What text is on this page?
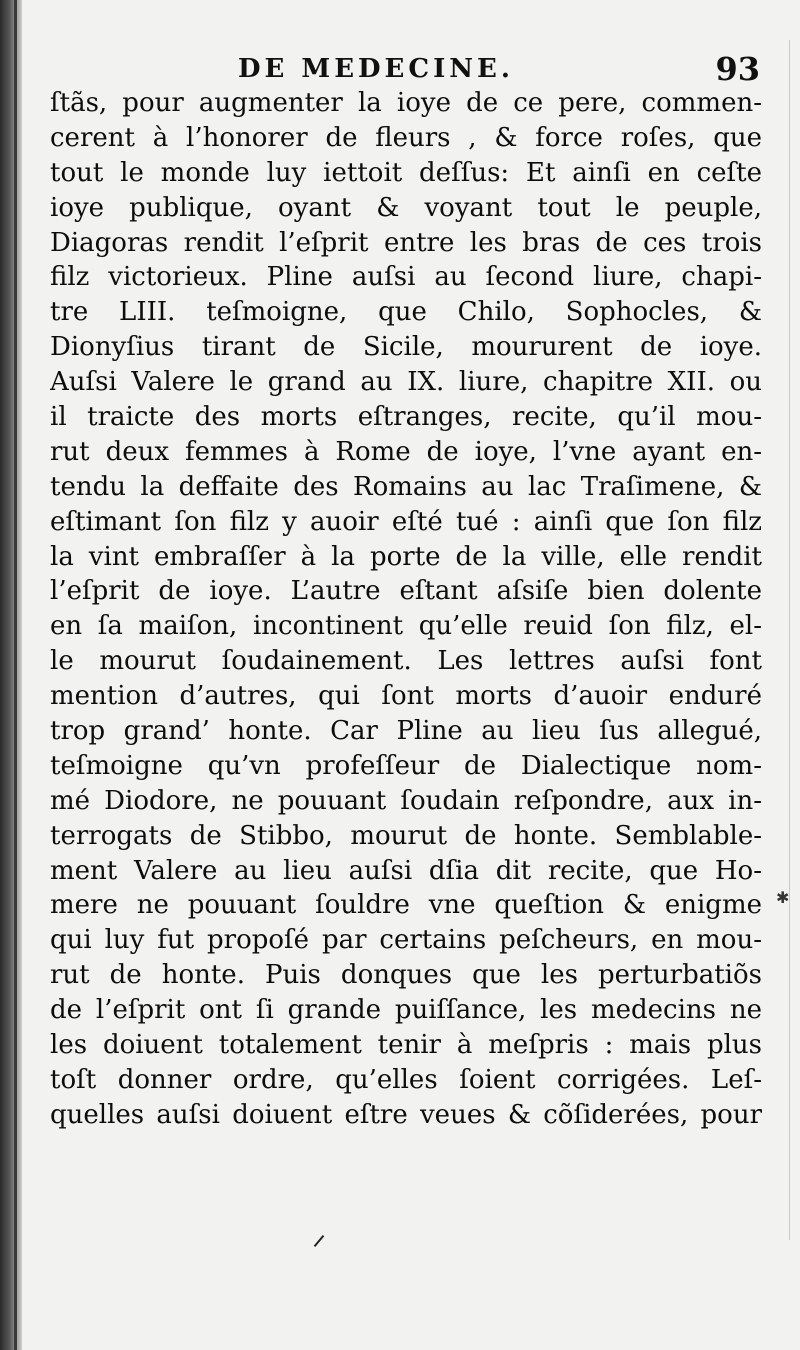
DE MEDECINE.	93
ſtãs, pour augmenter la ioye de ce pere, commen-
cerent à l’honorer de fleurs , & force roſes, que
tout le monde luy iettoit deſſus: Et ainſi en ceſte
ioye publique, oyant & voyant tout le peuple,
Diagoras rendit l’eſprit entre les bras de ces trois
filz victorieux. Pline auſsi au ſecond liure, chapi-
tre LIII. teſmoigne, que Chilo, Sophocles, &
Dionyſius tirant de Sicile, moururent de ioye.
Auſsi Valere le grand au IX. liure, chapitre XII. ou
il traicte des morts eſtranges, recite, qu’il mou-
rut deux femmes à Rome de ioye, l’vne ayant en-
tendu la deffaite des Romains au lac Traſimene, &
eſtimant ſon filz y auoir eſté tué : ainſi que ſon filz
la vint embraſſer à la porte de la ville, elle rendit
l’eſprit de ioye. L’autre eſtant aſsiſe bien dolente
en ſa maiſon, incontinent qu’elle reuid ſon filz, el-
le mourut ſoudainement. Les lettres auſsi font
mention d’autres, qui ſont morts d’auoir enduré
trop grand’ honte. Car Pline au lieu ſus allegué,
teſmoigne qu’vn profeſſeur de Dialectique nom-
mé Diodore, ne pouuant ſoudain reſpondre, aux in-
terrogats de Stibbo, mourut de honte. Semblable-
ment Valere au lieu auſsi dſia dit recite, que Ho-
mere ne pouuant ſouldre vne queſtion & enigme
qui luy fut propoſé par certains peſcheurs, en mou-
rut de honte. Puis donques que les perturbatiõs
de l’eſprit ont ſi grande puiſſance, les medecins ne
les doiuent totalement tenir à meſpris : mais plus
toſt donner ordre, qu’elles ſoient corrigées. Leſ-
quelles auſsi doiuent eſtre veues & cõſiderées, pour
✱
